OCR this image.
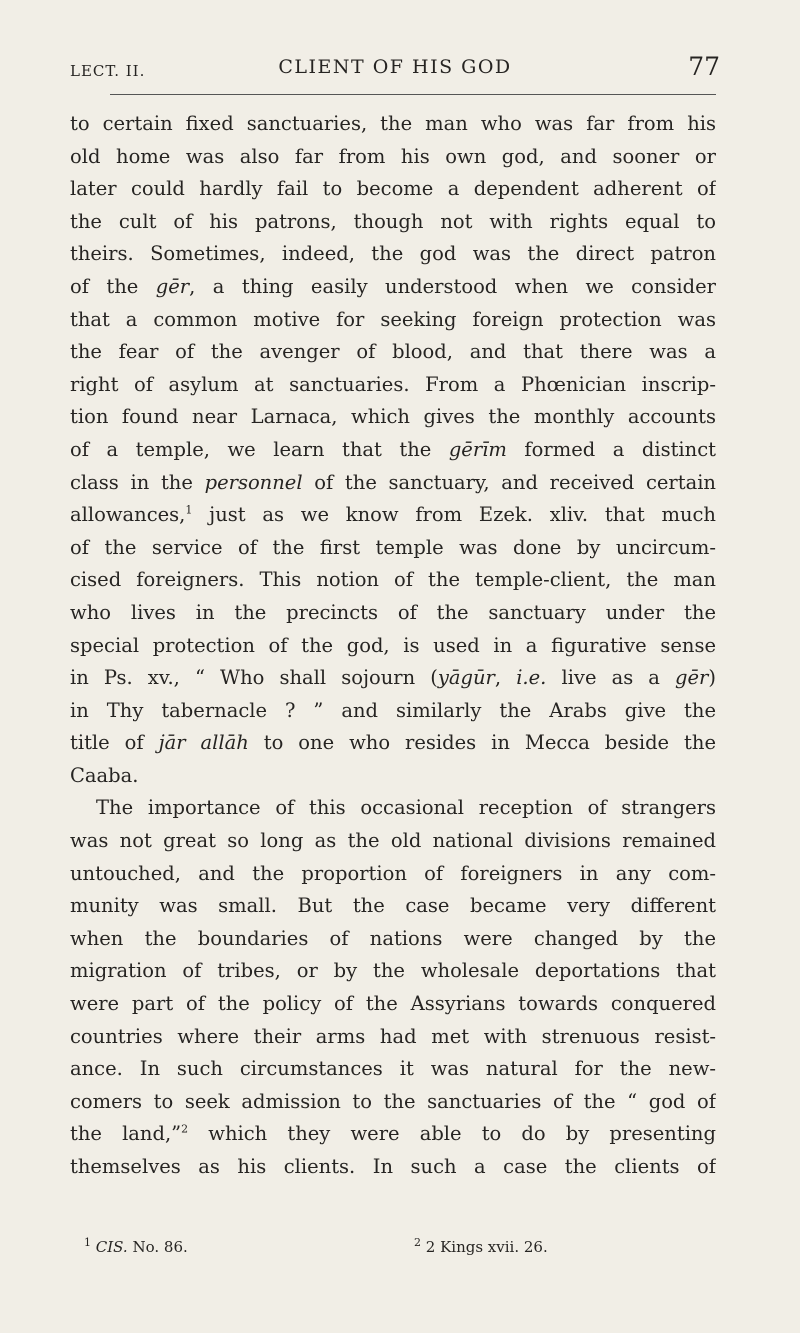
LECT. II.	CLIENT OF HIS GOD	77
to certain fixed sanctuaries, the man who was far from his
old home was also far from his own god, and sooner or
later could hardly fail to become a dependent adherent of
the cult of his patrons, though not with rights equal to
theirs. Sometimes, indeed, the god was the direct patron
of the gēr, a thing easily understood when we consider
that a common motive for seeking foreign protection was
the fear of the avenger of blood, and that there was a
right of asylum at sanctuaries. From a Phœnician inscrip-
tion found near Larnaca, which gives the monthly accounts
of a temple, we learn that the gērīm formed a distinct
class in the personnel of the sanctuary, and received certain
allowances,$^1$ just as we know from Ezek. xliv. that much
of the service of the first temple was done by uncircum-
cised foreigners. This notion of the temple-client, the man
who lives in the precincts of the sanctuary under the
special protection of the god, is used in a figurative sense
in Ps. xv., “ Who shall sojourn (yāgūr, i.e. live as a gēr)
in Thy tabernacle ? ” and similarly the Arabs give the
title of jār allāh to one who resides in Mecca beside the
Caaba.
The importance of this occasional reception of strangers
was not great so long as the old national divisions remained
untouched, and the proportion of foreigners in any com-
munity was small. But the case became very different
when the boundaries of nations were changed by the
migration of tribes, or by the wholesale deportations that
were part of the policy of the Assyrians towards conquered
countries where their arms had met with strenuous resist-
ance. In such circumstances it was natural for the new-
comers to seek admission to the sanctuaries of the “ god of
the land,”$^2$ which they were able to do by presenting
themselves as his clients. In such a case the clients of
$^1$ CIS. No. 86.	$^2$ 2 Kings xvii. 26.
